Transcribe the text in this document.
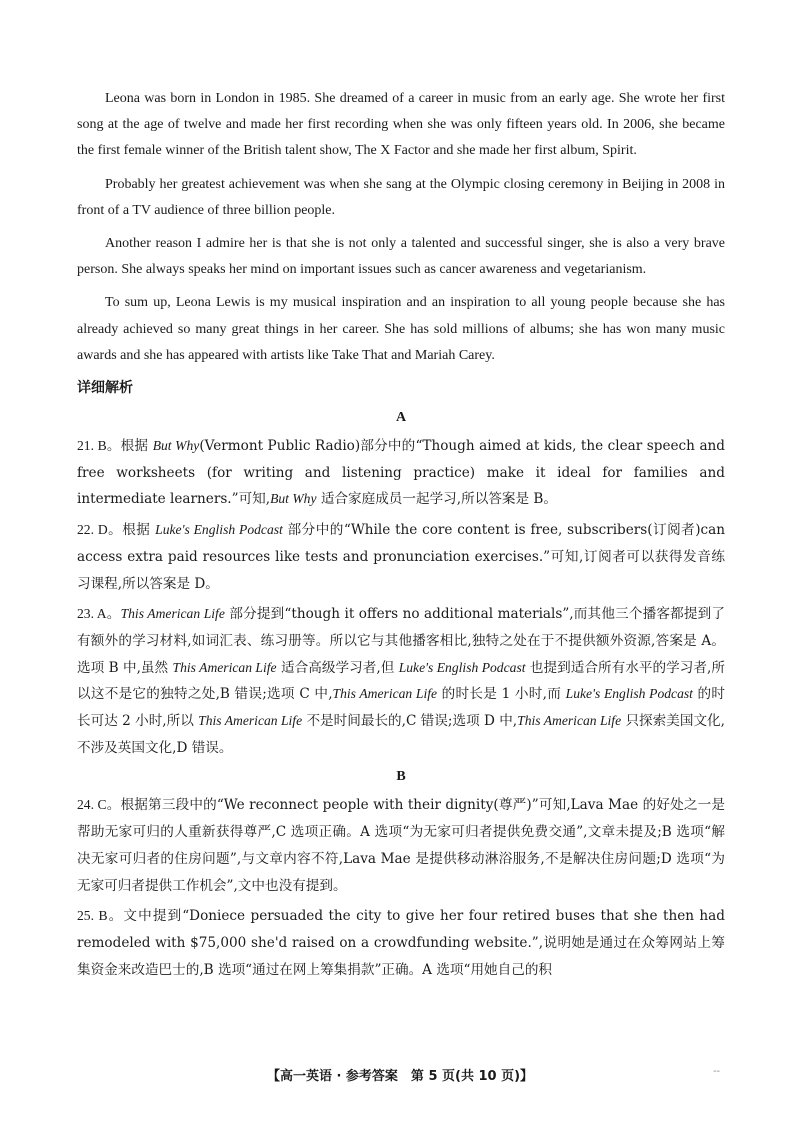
Leona was born in London in 1985. She dreamed of a career in music from an early age. She wrote her first song at the age of twelve and made her first recording when she was only fifteen years old. In 2006, she became the first female winner of the British talent show, The X Factor and she made her first album, Spirit.

Probably her greatest achievement was when she sang at the Olympic closing ceremony in Beijing in 2008 in front of a TV audience of three billion people.

Another reason I admire her is that she is not only a talented and successful singer, she is also a very brave person. She always speaks her mind on important issues such as cancer awareness and vegetarianism.

To sum up, Leona Lewis is my musical inspiration and an inspiration to all young people because she has already achieved so many great things in her career. She has sold millions of albums; she has won many music awards and she has appeared with artists like Take That and Mariah Carey.

详细解析
A
21. B。根据 But Why(Vermont Public Radio)部分中的“Though aimed at kids, the clear speech and free worksheets (for writing and listening practice) make it ideal for families and intermediate learners.”可知,But Why 适合家庭成员一起学习,所以答案是 B。
22. D。根据 Luke's English Podcast 部分中的“While the core content is free, subscribers(订阅者)can access extra paid resources like tests and pronunciation exercises.”可知,订阅者可以获得发音练习课程,所以答案是 D。
23. A。This American Life 部分提到“though it offers no additional materials”,而其他三个播客都提到了有额外的学习材料,如词汇表、练习册等。所以它与其他播客相比,独特之处在于不提供额外资源,答案是 A。选项 B 中,虽然 This American Life 适合高级学习者,但 Luke's English Podcast 也提到适合所有水平的学习者,所以这不是它的独特之处,B 错误;选项 C 中,This American Life 的时长是 1 小时,而 Luke's English Podcast 的时长可达 2 小时,所以 This American Life 不是时间最长的,C 错误;选项 D 中,This American Life 只探索美国文化,不涉及英国文化,D 错误。
B
24. C。根据第三段中的“We reconnect people with their dignity(尊严)”可知,Lava Mae 的好处之一是帮助无家可归的人重新获得尊严,C 选项正确。A 选项“为无家可归者提供免费交通”,文章未提及;B 选项“解决无家可归者的住房问题”,与文章内容不符,Lava Mae 是提供移动淋浴服务,不是解决住房问题;D 选项“为无家可归者提供工作机会”,文中也没有提到。
25. B。文中提到“Doniece persuaded the city to give her four retired buses that she then had remodeled with $75,000 she'd raised on a crowdfunding website.”,说明她是通过在众筹网站上筹集资金来改造巴士的,B 选项“通过在网上筹集捐款”正确。A 选项“用她自己的积
【高一英语 · 参考答案　第 5 页(共 10 页)】	--
